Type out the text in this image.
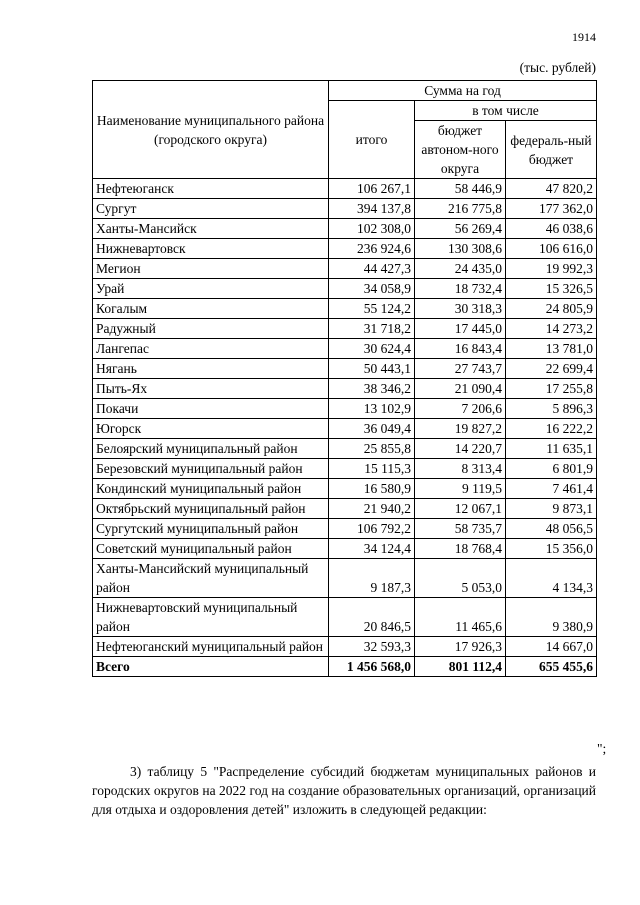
1914
(тыс. рублей)
Наименование муниципального района (городского округа)	Сумма на год		
	итого	в том числе	
		бюджет автоном-ного округа	федераль-ный бюджет
Нефтеюганск	106 267,1	58 446,9	47 820,2
Сургут	394 137,8	216 775,8	177 362,0
Ханты-Мансийск	102 308,0	56 269,4	46 038,6
Нижневартовск	236 924,6	130 308,6	106 616,0
Мегион	44 427,3	24 435,0	19 992,3
Урай	34 058,9	18 732,4	15 326,5
Когалым	55 124,2	30 318,3	24 805,9
Радужный	31 718,2	17 445,0	14 273,2
Лангепас	30 624,4	16 843,4	13 781,0
Нягань	50 443,1	27 743,7	22 699,4
Пыть-Ях	38 346,2	21 090,4	17 255,8
Покачи	13 102,9	7 206,6	5 896,3
Югорск	36 049,4	19 827,2	16 222,2
Белоярский муниципальный район	25 855,8	14 220,7	11 635,1
Березовский муниципальный район	15 115,3	8 313,4	6 801,9
Кондинский муниципальный район	16 580,9	9 119,5	7 461,4
Октябрьский муниципальный район	21 940,2	12 067,1	9 873,1
Сургутский муниципальный район	106 792,2	58 735,7	48 056,5
Советский муниципальный район	34 124,4	18 768,4	15 356,0
Ханты-Мансийский муниципальный район	9 187,3	5 053,0	4 134,3
Нижневартовский муниципальный район	20 846,5	11 465,6	9 380,9
Нефтеюганский муниципальный район	32 593,3	17 926,3	14 667,0
Всего	1 456 568,0	801 112,4	655 455,6
";
3) таблицу 5 "Распределение субсидий бюджетам муниципальных районов и городских округов на 2022 год на создание образовательных организаций, организаций для отдыха и оздоровления детей" изложить в следующей редакции:
